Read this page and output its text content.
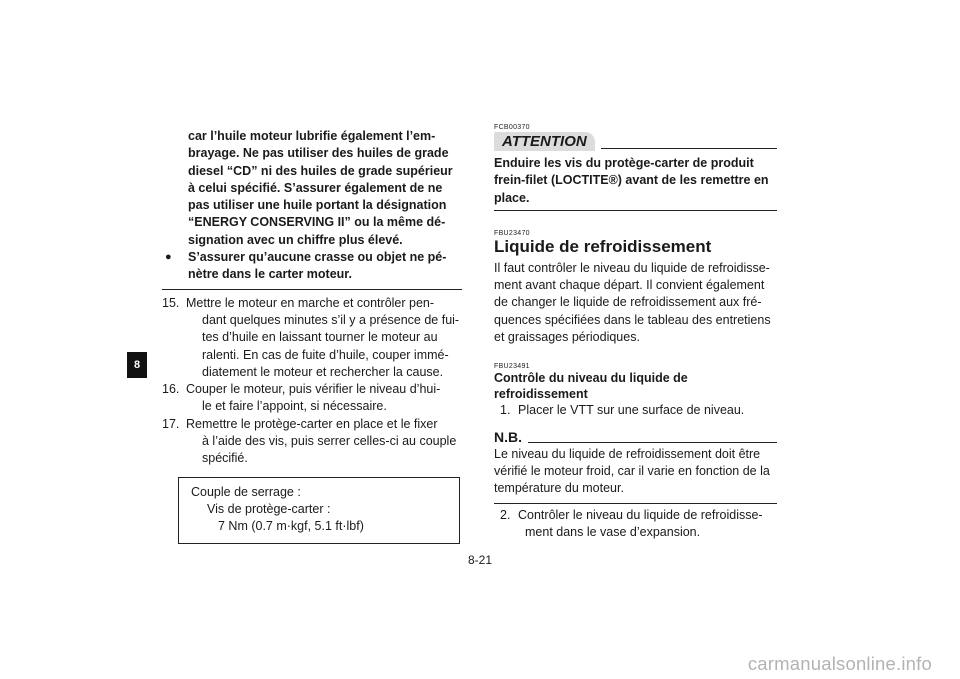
8

car l’huile moteur lubrifie également l’em-

brayage. Ne pas utiliser des huiles de grade

diesel “CD” ni des huiles de grade supérieur

à celui spécifié. S’assurer également de ne

pas utiliser une huile portant la désignation

“ENERGY CONSERVING II” ou la même dé-

signation avec un chiffre plus élevé.

●	S’assurer qu’aucune crasse ou objet ne pé-

nètre dans le carter moteur.

15. Mettre le moteur en marche et contrôler pen-

dant quelques minutes s’il y a présence de fui-

tes d’huile en laissant tourner le moteur au

ralenti. En cas de fuite d’huile, couper immé-

diatement le moteur et rechercher la cause.

16. Couper le moteur, puis vérifier le niveau d’hui-

le et faire l’appoint, si nécessaire.

17. Remettre le protège-carter en place et le fixer

à l’aide des vis, puis serrer celles-ci au couple

spécifié.

Couple de serrage :

Vis de protège-carter :

7 Nm (0.7 m·kgf, 5.1 ft·lbf)

FCB00370
ATTENTION

Enduire les vis du protège-carter de produit

frein-filet (LOCTITE®) avant de les remettre en

place.

FBU23470
Liquide de refroidissement

Il faut contrôler le niveau du liquide de refroidisse-

ment avant chaque départ. Il convient également

de changer le liquide de refroidissement aux fré-

quences spécifiées dans le tableau des entretiens

et graissages périodiques.

FBU23491
Contrôle du niveau du liquide de
refroidissement
1. Placer le VTT sur une surface de niveau.
N.B.

Le niveau du liquide de refroidissement doit être

vérifié le moteur froid, car il varie en fonction de la

température du moteur.

2. Contrôler le niveau du liquide de refroidisse-

ment dans le vase d’expansion.

8-21
carmanualsonline.info
